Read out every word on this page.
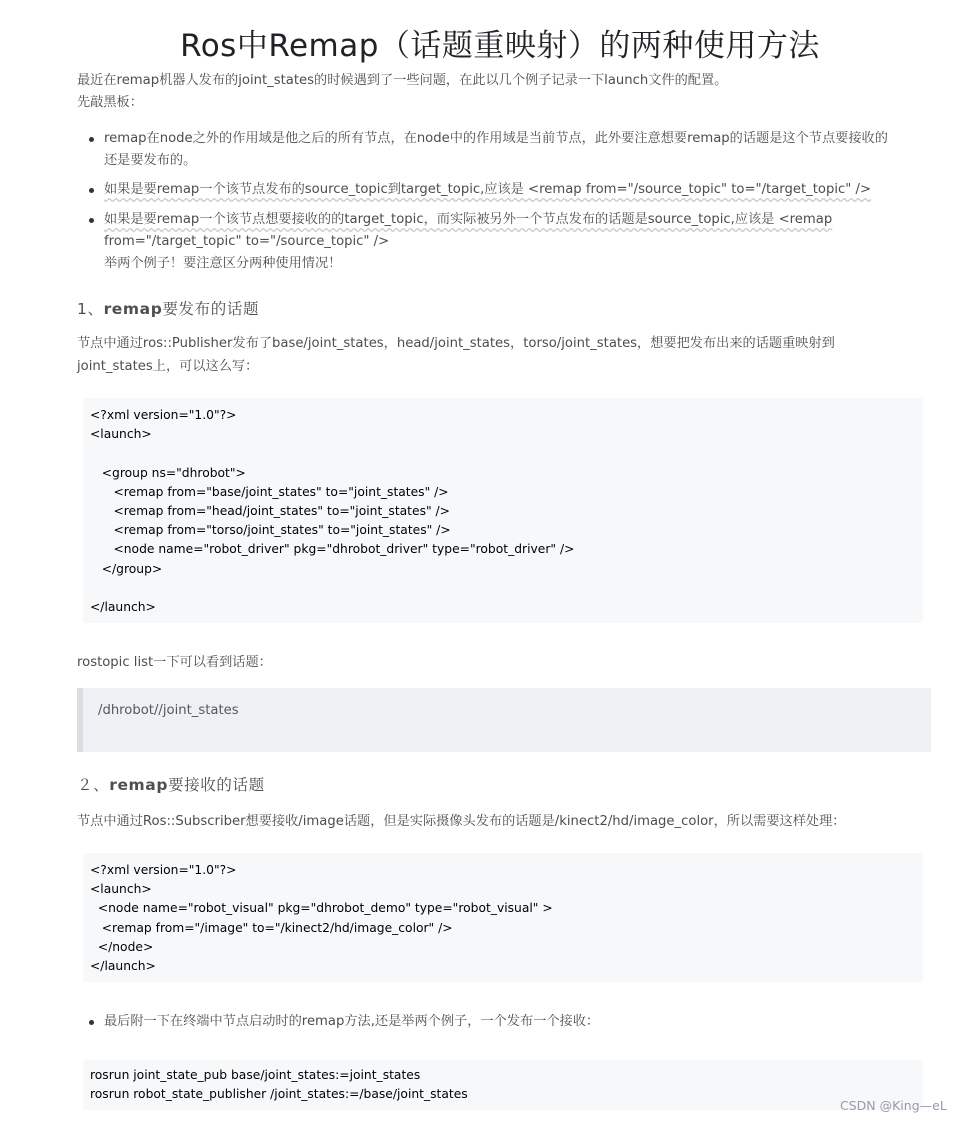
Ros中Remap（话题重映射）的两种使用方法
最近在remap机器人发布的joint_states的时候遇到了一些问题，在此以几个例子记录一下launch文件的配置。
先敲黑板：
remap在node之外的作用域是他之后的所有节点，在node中的作用域是当前节点，此外要注意想要remap的话题是这个节点要接收的
还是要发布的。
如果是要remap一个该节点发布的source_topic到target_topic,应该是 <remap from="/source_topic" to="/target_topic" />
如果是要remap一个该节点想要接收的的target_topic，而实际被另外一个节点发布的话题是source_topic,应该是 <remap
from="/target_topic" to="/source_topic" />
举两个例子！要注意区分两种使用情况！
1、remap要发布的话题
节点中通过ros::Publisher发布了base/joint_states，head/joint_states，torso/joint_states，想要把发布出来的话题重映射到
joint_states上，可以这么写：
<?xml version="1.0"?>
<launch>
<group ns="dhrobot">
<remap from="base/joint_states" to="joint_states" />
<remap from="head/joint_states" to="joint_states" />
<remap from="torso/joint_states" to="joint_states" />
<node name="robot_driver" pkg="dhrobot_driver" type="robot_driver" />
</group>
</launch>
rostopic list一下可以看到话题：
/dhrobot//joint_states
２、remap要接收的话题
节点中通过Ros::Subscriber想要接收/image话题，但是实际摄像头发布的话题是/kinect2/hd/image_color，所以需要这样处理：
<?xml version="1.0"?>
<launch>
<node name="robot_visual" pkg="dhrobot_demo" type="robot_visual" >
<remap from="/image" to="/kinect2/hd/image_color" />
</node>
</launch>
最后附一下在终端中节点启动时的remap方法,还是举两个例子，一个发布一个接收：
rosrun joint_state_pub base/joint_states:=joint_states
rosrun robot_state_publisher /joint_states:=/base/joint_states
CSDN @King—eL
